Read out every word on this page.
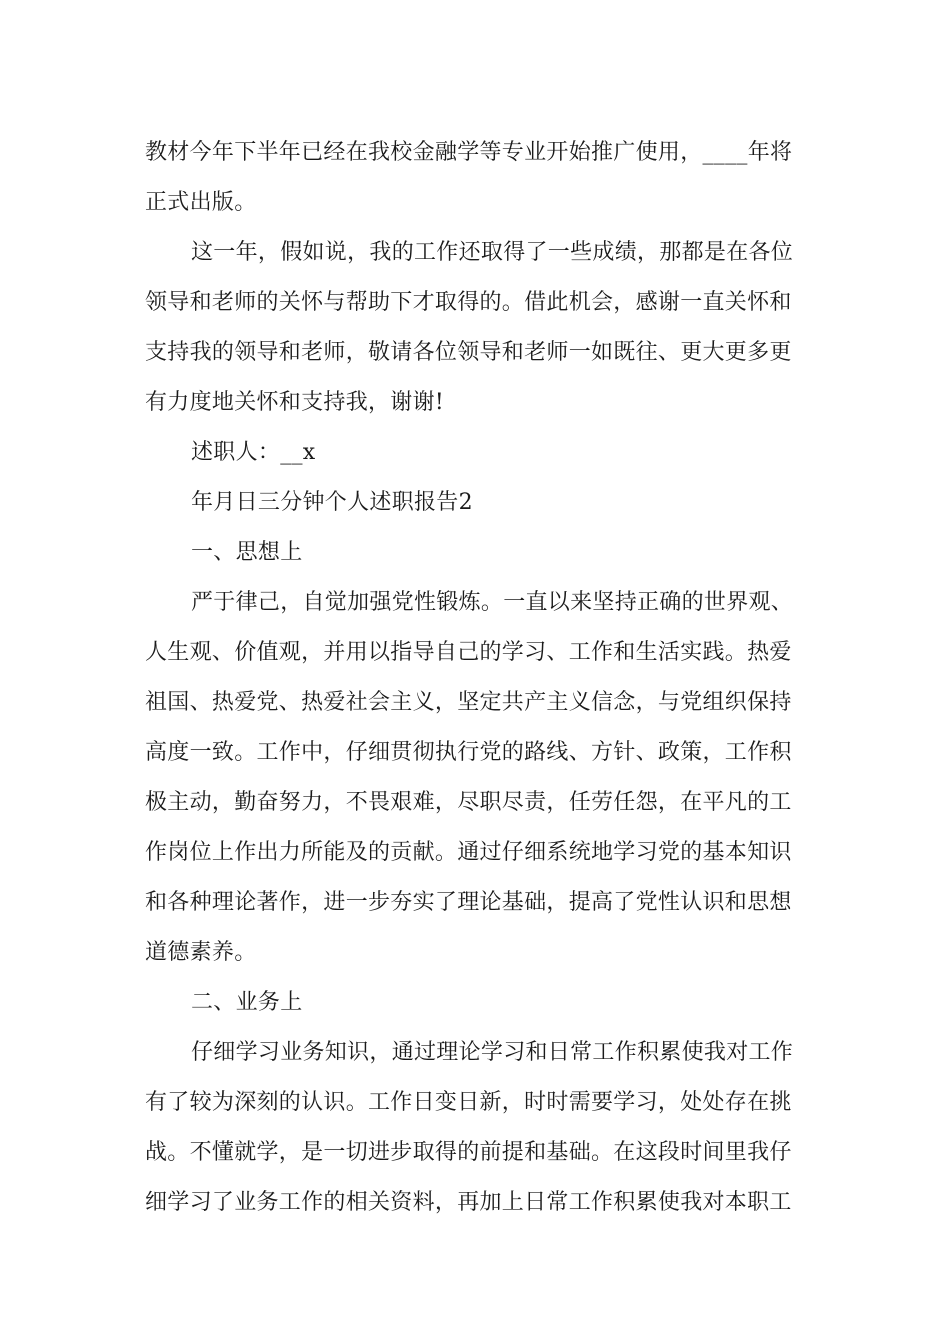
教材今年下半年已经在我校金融学等专业开始推广使用，____年将
正式出版。
这一年，假如说，我的工作还取得了一些成绩，那都是在各位
领导和老师的关怀与帮助下才取得的。借此机会，感谢一直关怀和
支持我的领导和老师，敬请各位领导和老师一如既往、更大更多更
有力度地关怀和支持我，谢谢!
述职人：__x
年月日三分钟个人述职报告2
一、思想上
严于律己，自觉加强党性锻炼。一直以来坚持正确的世界观、
人生观、价值观，并用以指导自己的学习、工作和生活实践。热爱
祖国、热爱党、热爱社会主义，坚定共产主义信念，与党组织保持
高度一致。工作中，仔细贯彻执行党的路线、方针、政策，工作积
极主动，勤奋努力，不畏艰难，尽职尽责，任劳任怨，在平凡的工
作岗位上作出力所能及的贡献。通过仔细系统地学习党的基本知识
和各种理论著作，进一步夯实了理论基础，提高了党性认识和思想
道德素养。
二、业务上
仔细学习业务知识，通过理论学习和日常工作积累使我对工作
有了较为深刻的认识。工作日变日新，时时需要学习，处处存在挑
战。不懂就学，是一切进步取得的前提和基础。在这段时间里我仔
细学习了业务工作的相关资料，再加上日常工作积累使我对本职工
